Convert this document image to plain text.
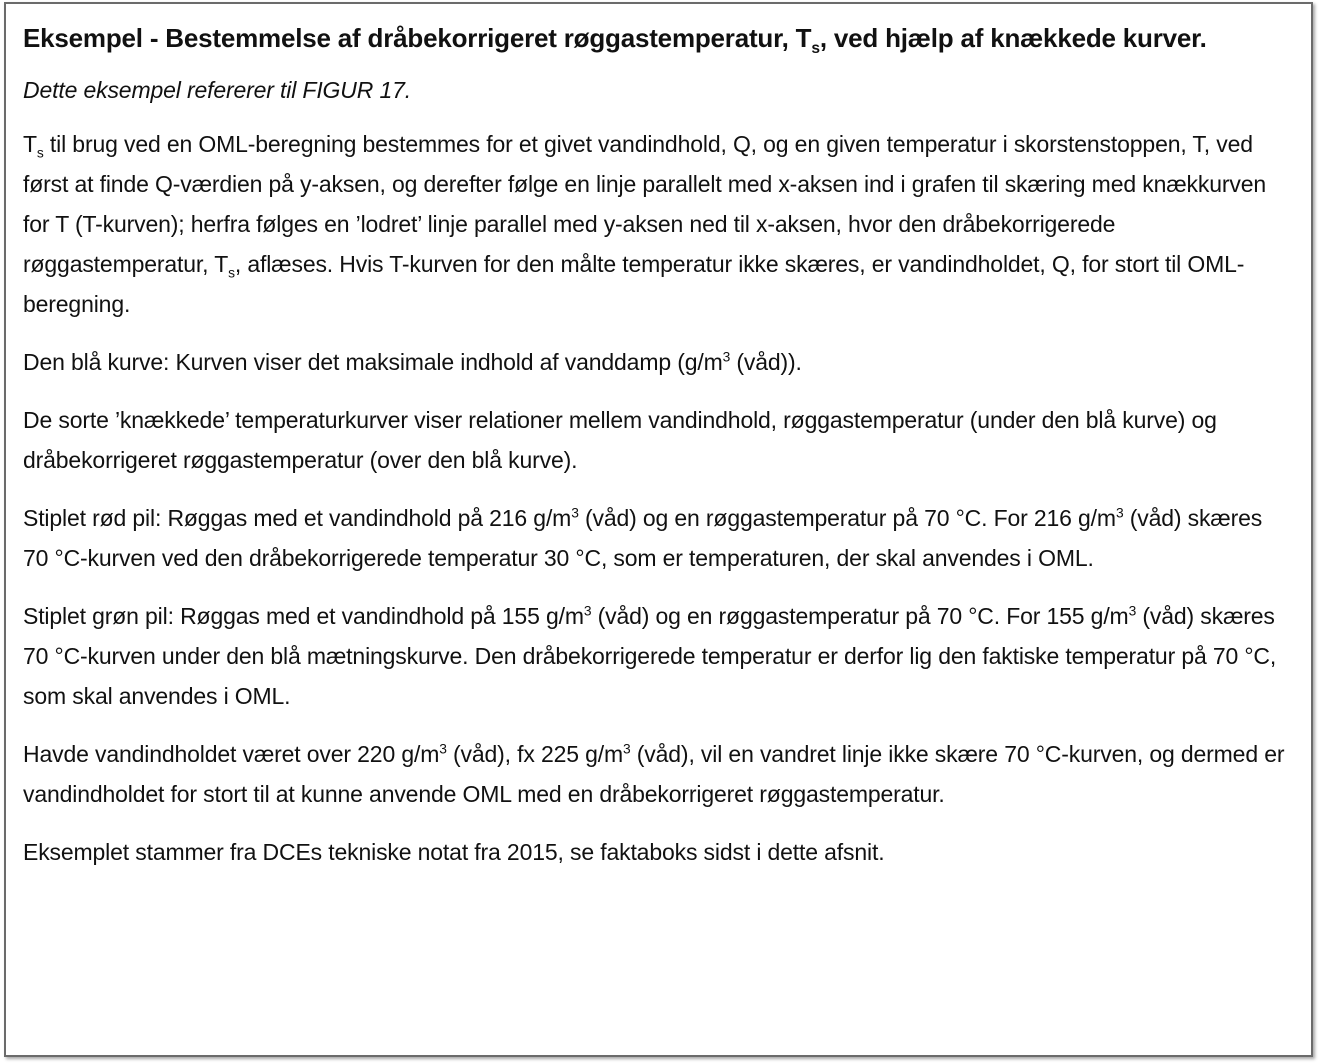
Eksempel - Bestemmelse af dråbekorrigeret røggastemperatur, $T_s$, ved hjælp af knækkede kurver.

Dette eksempel refererer til FIGUR 17.

$T_s$ til brug ved en OML-beregning bestemmes for et givet vandindhold, Q, og en given temperatur i skorstenstoppen, T, ved først at finde Q-værdien på y-aksen, og derefter følge en linje parallelt med x-aksen ind i grafen til skæring med knækkurven for T (T-kurven); herfra følges en ’lodret’ linje parallel med y-aksen ned til x-aksen, hvor den dråbekorrigerede røggastemperatur, $T_s$, aflæses. Hvis T-kurven for den målte temperatur ikke skæres, er vandindholdet, Q, for stort til OML-beregning.

Den blå kurve: Kurven viser det maksimale indhold af vanddamp ($g/m^3$ (våd)).

De sorte ’knækkede’ temperaturkurver viser relationer mellem vandindhold, røggastemperatur (under den blå kurve) og dråbekorrigeret røggastemperatur (over den blå kurve).

Stiplet rød pil: Røggas med et vandindhold på 216 $g/m^3$ (våd) og en røggastemperatur på 70 °C. For 216 $g/m^3$ (våd) skæres 70 °C-kurven ved den dråbekorrigerede temperatur 30 °C, som er temperaturen, der skal anvendes i OML.

Stiplet grøn pil: Røggas med et vandindhold på 155 $g/m^3$ (våd) og en røggastemperatur på 70 °C. For 155 $g/m^3$ (våd) skæres 70 °C-kurven under den blå mætningskurve. Den dråbekorrigerede temperatur er derfor lig den faktiske temperatur på 70 °C, som skal anvendes i OML.

Havde vandindholdet været over 220 $g/m^3$ (våd), fx 225 $g/m^3$ (våd), vil en vandret linje ikke skære 70 °C-kurven, og dermed er vandindholdet for stort til at kunne anvende OML med en dråbekorrigeret røggastemperatur.

Eksemplet stammer fra DCEs tekniske notat fra 2015, se faktaboks sidst i dette afsnit.
